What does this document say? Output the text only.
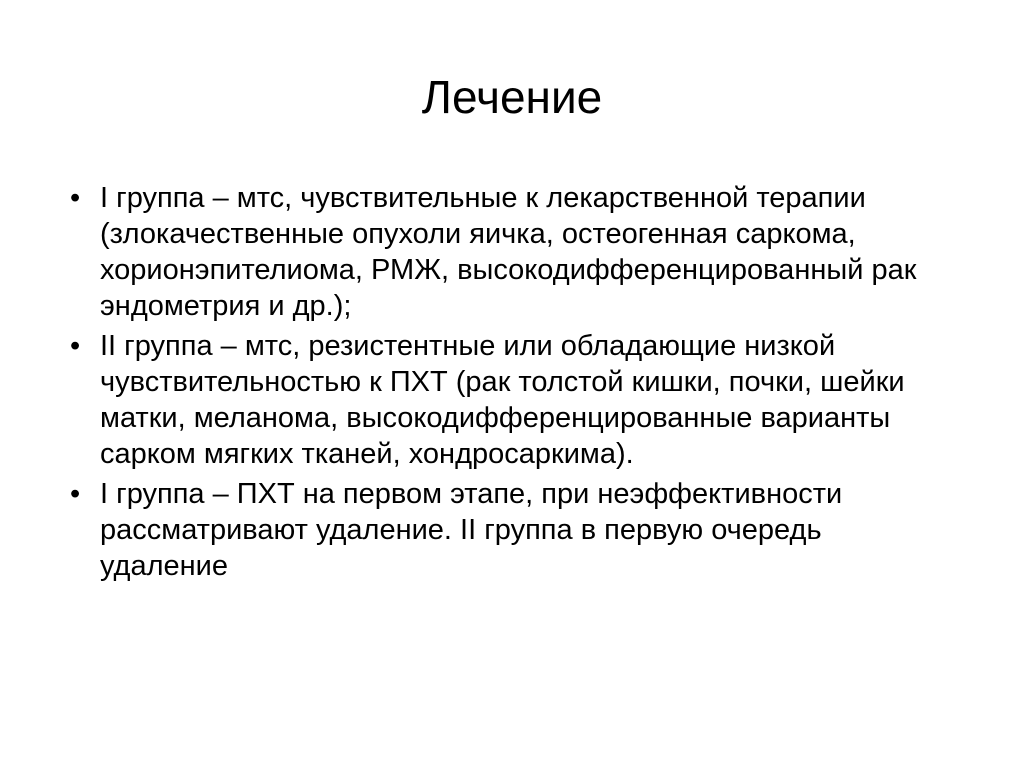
Лечение
• I группа – мтс, чувствительные к лекарственной терапии (злокачественные опухоли яичка, остеогенная саркома, хорионэпителиома, РМЖ, высокодифференцированный рак эндометрия и др.);
• II группа – мтс, резистентные или обладающие низкой чувствительностью к ПХТ (рак толстой кишки, почки, шейки матки, меланома, высокодифференцированные варианты сарком мягких тканей, хондросаркима).
• I группа – ПХТ на первом этапе, при неэффективности рассматривают удаление. II группа в первую очередь удаление
